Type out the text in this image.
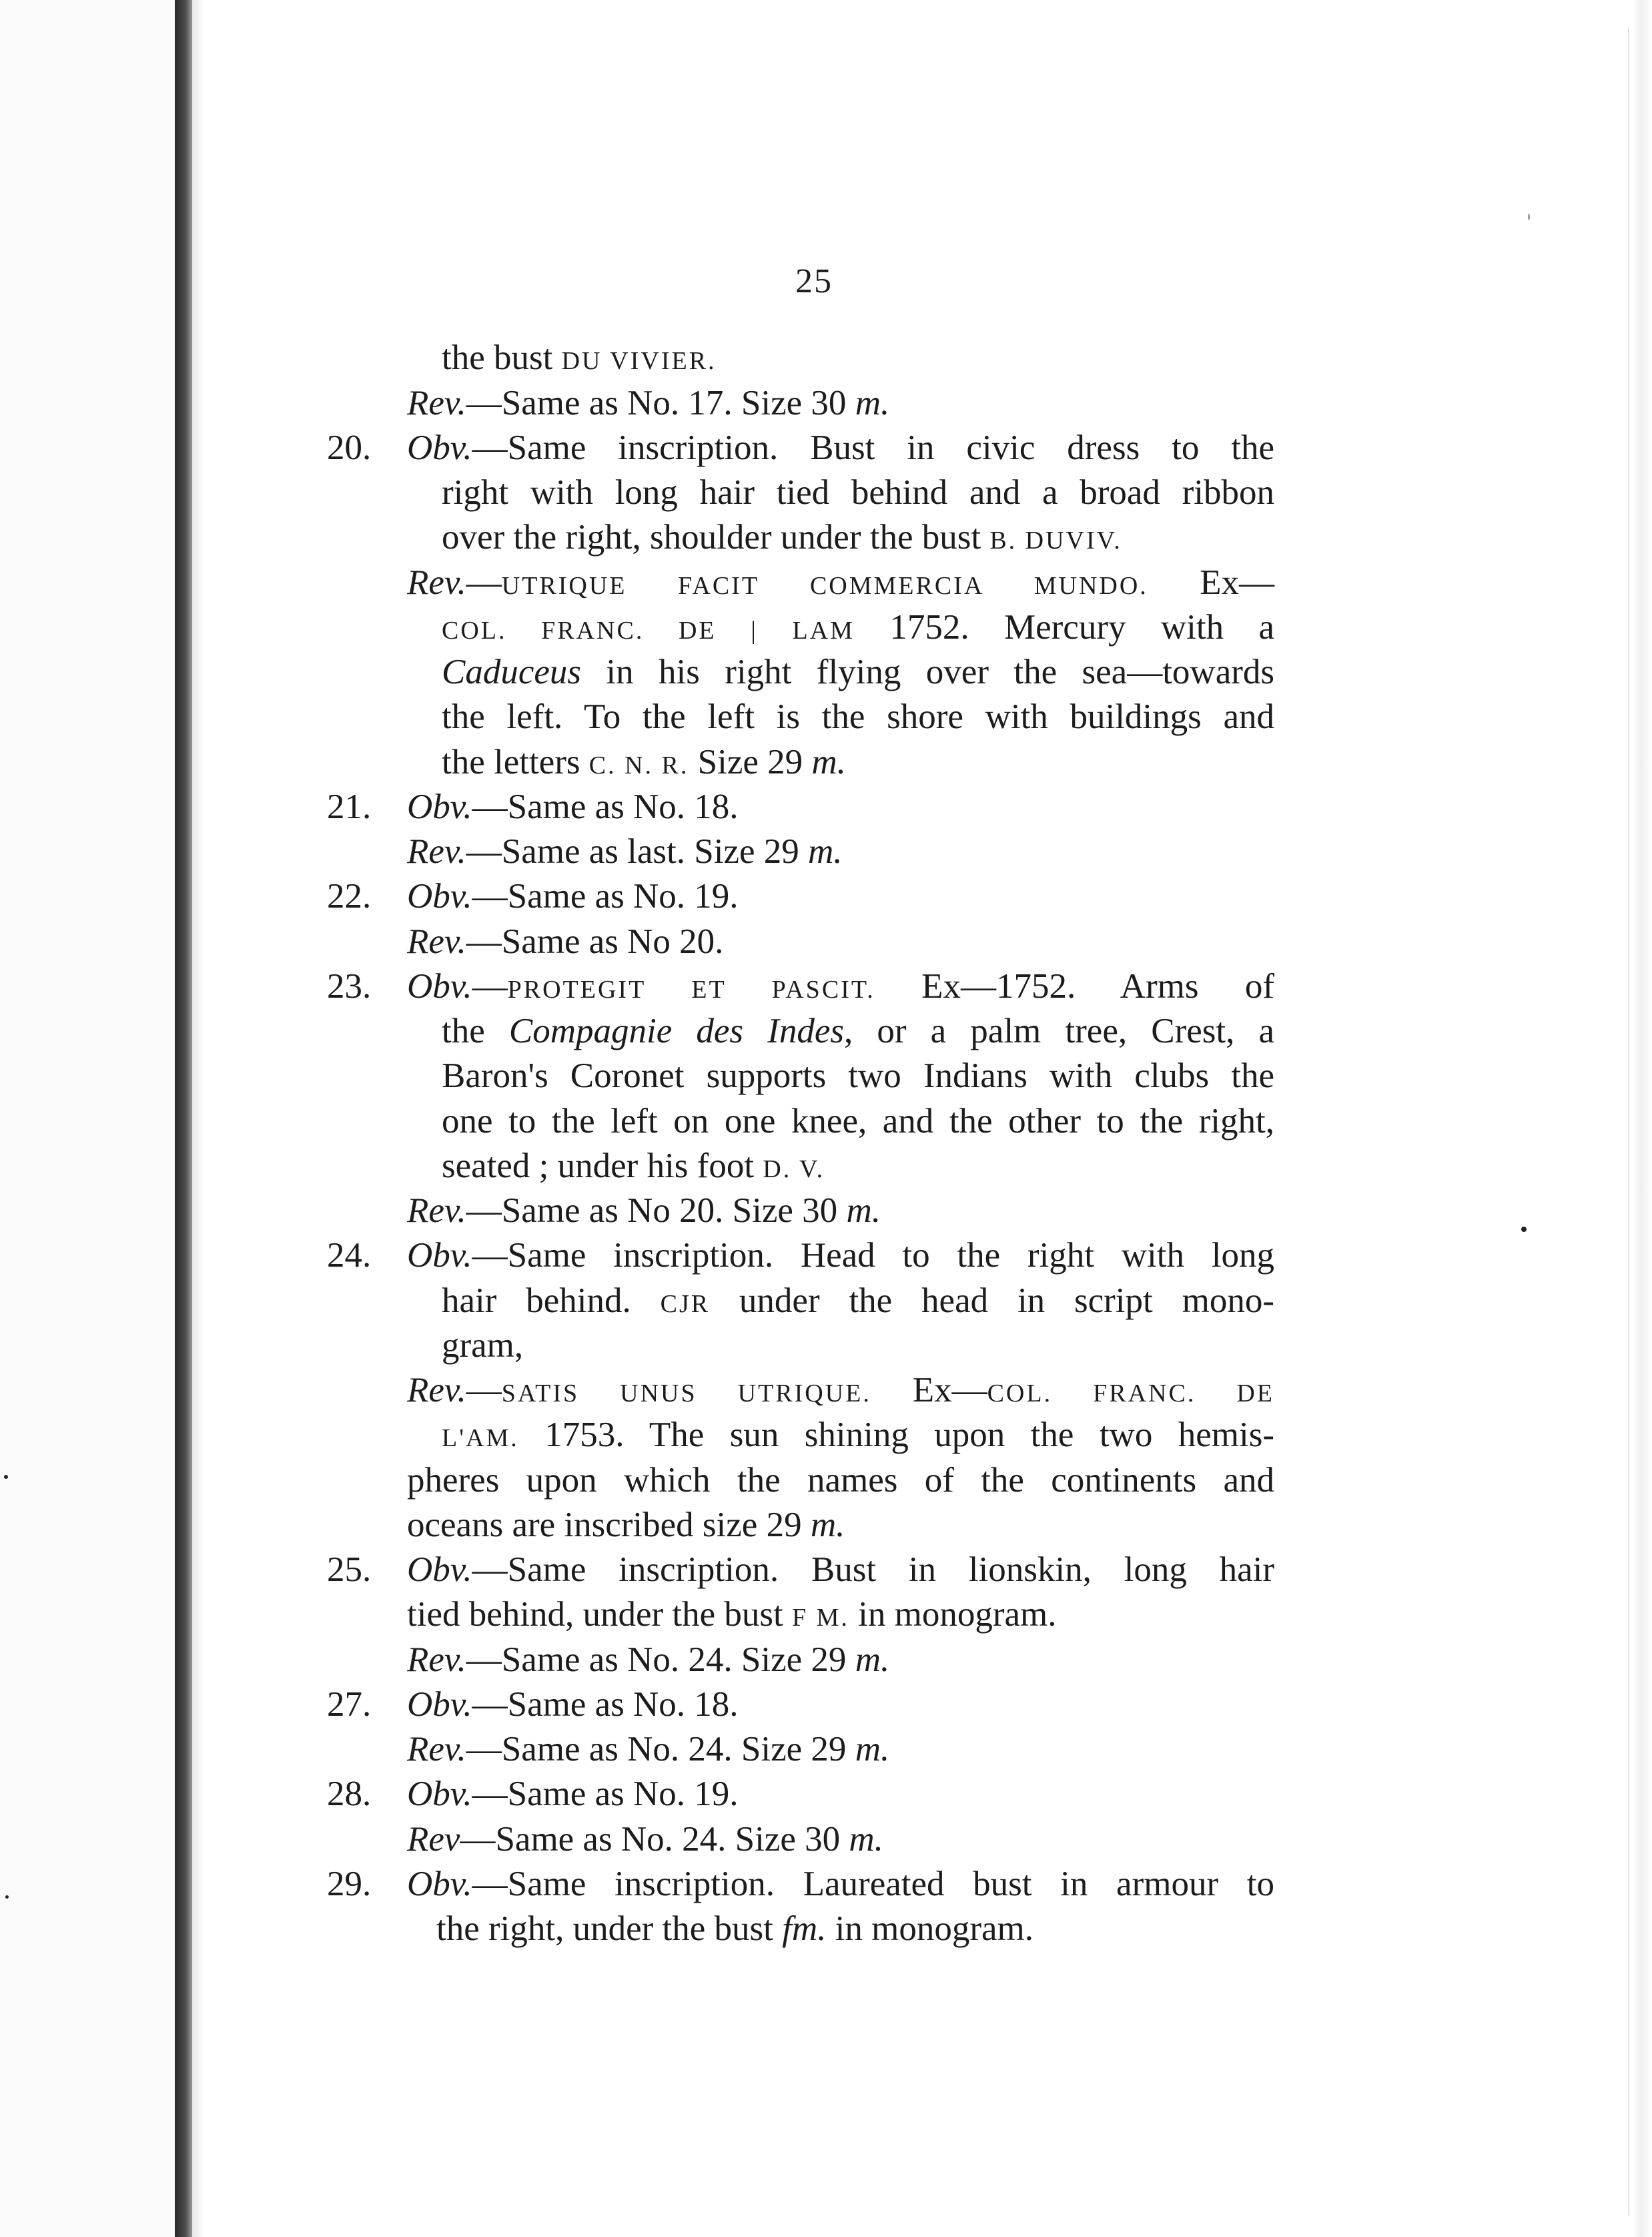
25
the bust DU VIVIER.
Rev.—Same as No. 17. Size 30 m.
20. Obv.—Same inscription. Bust in civic dress to the
right with long hair tied behind and a broad ribbon
over the right, shoulder under the bust B. DUVIV.
Rev.—UTRIQUE FACIT COMMERCIA MUNDO. Ex—
COL. FRANC. DE | LAM 1752. Mercury with a
Caduceus in his right flying over the sea—towards
the left. To the left is the shore with buildings and
the letters C. N. R. Size 29 m.
21. Obv.—Same as No. 18.
Rev.—Same as last. Size 29 m.
22. Obv.—Same as No. 19.
Rev.—Same as No 20.
23. Obv.—PROTEGIT ET PASCIT. Ex—1752. Arms of
the Compagnie des Indes, or a palm tree, Crest, a
Baron's Coronet supports two Indians with clubs the
one to the left on one knee, and the other to the right,
seated ; under his foot D. V.
Rev.—Same as No 20. Size 30 m.
24. Obv.—Same inscription. Head to the right with long
hair behind. CJR under the head in script mono-
gram,
Rev.—SATIS UNUS UTRIQUE. Ex—COL. FRANC. DE
L'AM. 1753. The sun shining upon the two hemis-
pheres upon which the names of the continents and
oceans are inscribed size 29 m.
25. Obv.—Same inscription. Bust in lionskin, long hair
tied behind, under the bust F M. in monogram.
Rev.—Same as No. 24. Size 29 m.
27. Obv.—Same as No. 18.
Rev.—Same as No. 24. Size 29 m.
28. Obv.—Same as No. 19.
Rev—Same as No. 24. Size 30 m.
29. Obv.—Same inscription. Laureated bust in armour to
the right, under the bust fm. in monogram.
